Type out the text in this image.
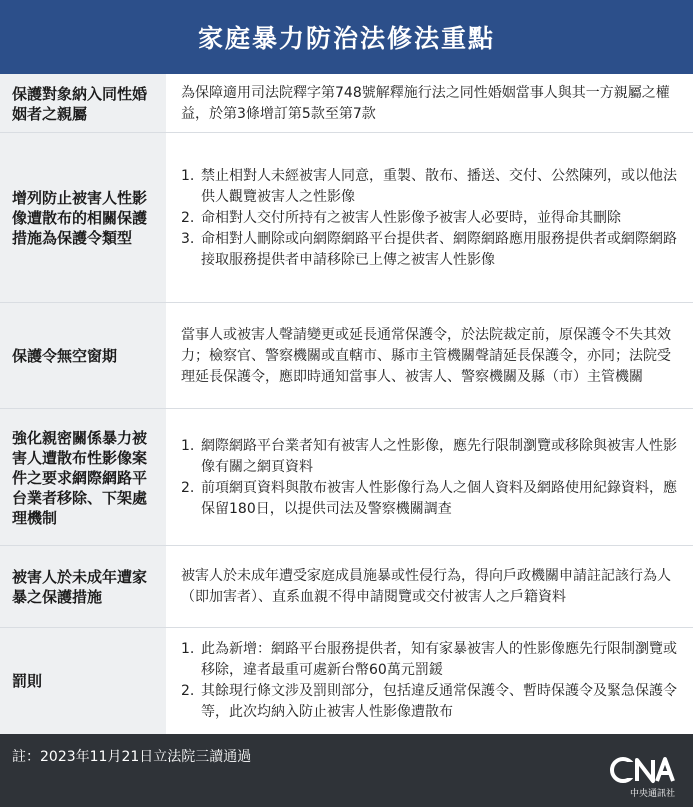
家庭暴力防治法修法重點
保護對象納入同性婚姻者之親屬
為保障適用司法院釋字第748號解釋施行法之同性婚姻當事人與其一方親屬之權益，於第3條增訂第5款至第7款
增列防止被害人性影像遭散布的相關保護措施為保護令類型
1. 禁止相對人未經被害人同意，重製、散布、播送、交付、公然陳列，或以他法供人觀覽被害人之性影像
2. 命相對人交付所持有之被害人性影像予被害人必要時，並得命其刪除
3. 命相對人刪除或向網際網路平台提供者、網際網路應用服務提供者或網際網路接取服務提供者申請移除已上傳之被害人性影像
保護令無空窗期
當事人或被害人聲請變更或延長通常保護令，於法院裁定前，原保護令不失其效力；檢察官、警察機關或直轄市、縣市主管機關聲請延長保護令，亦同；法院受理延長保護令，應即時通知當事人、被害人、警察機關及縣（市）主管機關
強化親密關係暴力被害人遭散布性影像案件之要求網際網路平台業者移除、下架處理機制
1. 網際網路平台業者知有被害人之性影像，應先行限制瀏覽或移除與被害人性影像有關之網頁資料
2. 前項網頁資料與散布被害人性影像行為人之個人資料及網路使用紀錄資料，應保留180日，以提供司法及警察機關調查
被害人於未成年遭家暴之保護措施
被害人於未成年遭受家庭成員施暴或性侵行為，得向戶政機關申請註記該行為人（即加害者）、直系血親不得申請閱覽或交付被害人之戶籍資料
罰則
1. 此為新增：網路平台服務提供者，知有家暴被害人的性影像應先行限制瀏覽或移除，違者最重可處新台幣60萬元罰鍰
2. 其餘現行條文涉及罰則部分，包括違反通常保護令、暫時保護令及緊急保護令等，此次均納入防止被害人性影像遭散布
註：2023年11月21日立法院三讀通過
中央通訊社
